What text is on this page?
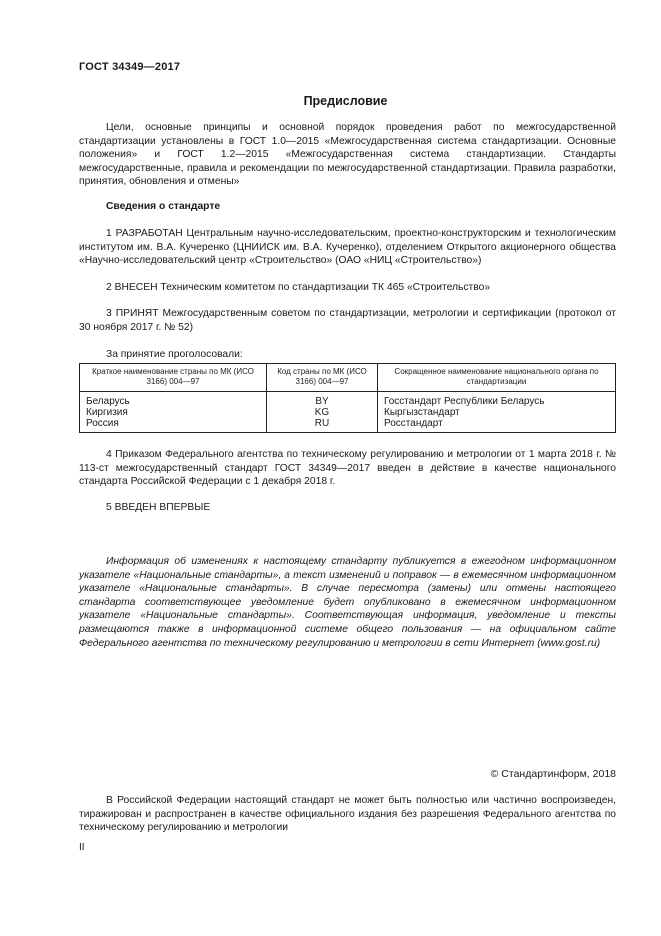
ГОСТ 34349—2017
Предисловие

Цели, основные принципы и основной порядок проведения работ по межгосударственной стандартизации установлены в ГОСТ 1.0—2015 «Межгосударственная система стандартизации. Основные положения» и ГОСТ 1.2—2015 «Межгосударственная система стандартизации. Стандарты межгосударственные, правила и рекомендации по межгосударственной стандартизации. Правила разработки, принятия, обновления и отмены»

Сведения о стандарте

1 РАЗРАБОТАН Центральным научно-исследовательским, проектно-конструкторским и технологическим институтом им. В.А. Кучеренко (ЦНИИСК им. В.А. Кучеренко), отделением Открытого акционерного общества «Научно-исследовательский центр «Строительство» (ОАО «НИЦ «Строительство»)

2 ВНЕСЕН Техническим комитетом по стандартизации ТК 465 «Строительство»

3 ПРИНЯТ Межгосударственным советом по стандартизации, метрологии и сертификации (протокол от 30 ноября 2017 г. № 52)

За принятие проголосовали:

Краткое наименование страны по МК (ИСО 3166) 004—97	Код страны по МК (ИСО 3166) 004—97	Сокращенное наименование национального органа по стандартизации
Беларусь	BY	Госстандарт Республики Беларусь
Киргизия	KG	Кыргызстандарт
Россия	RU	Росстандарт

4 Приказом Федерального агентства по техническому регулированию и метрологии от 1 марта 2018 г. № 113-ст межгосударственный стандарт ГОСТ 34349—2017 введен в действие в качестве национального стандарта Российской Федерации с 1 декабря 2018 г.

5 ВВЕДЕН ВПЕРВЫЕ

Информация об изменениях к настоящему стандарту публикуется в ежегодном информационном указателе «Национальные стандарты», а текст изменений и поправок — в ежемесячном информационном указателе «Национальные стандарты». В случае пересмотра (замены) или отмены настоящего стандарта соответствующее уведомление будет опубликовано в ежемесячном информационном указателе «Национальные стандарты». Соответствующая информация, уведомление и тексты размещаются также в информационной системе общего пользования — на официальном сайте Федерального агентства по техническому регулированию и метрологии в сети Интернет (www.gost.ru)

© Стандартинформ, 2018

В Российской Федерации настоящий стандарт не может быть полностью или частично воспроизведен, тиражирован и распространен в качестве официального издания без разрешения Федерального агентства по техническому регулированию и метрологии

II
